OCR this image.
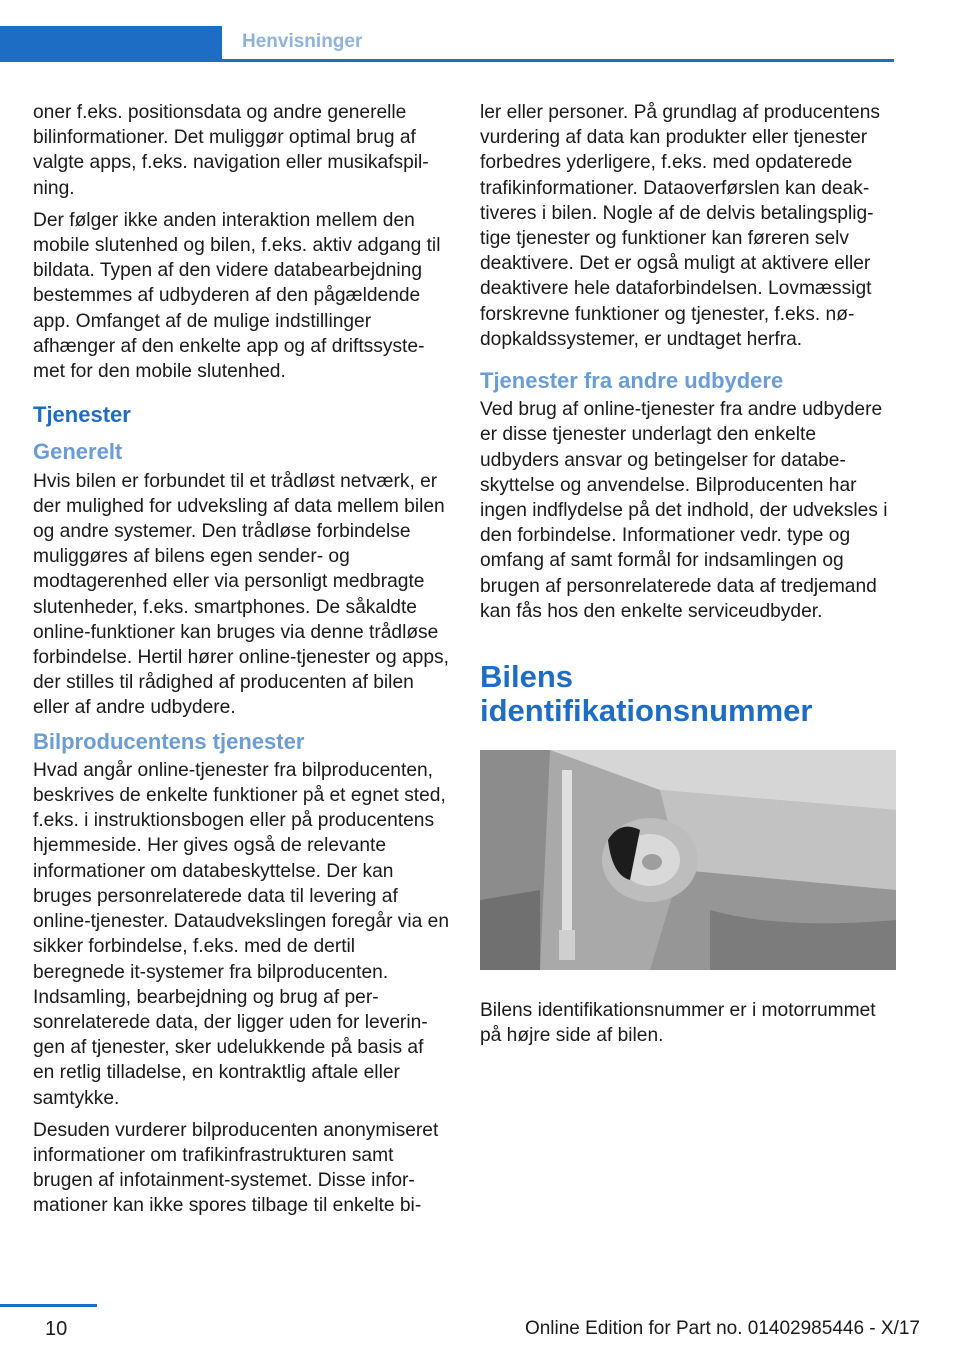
Henvisninger

oner f.eks. positionsdata og andre generelle bilinformationer. Det muliggør optimal brug af valgte apps, f.eks. navigation eller musikafspilning.

Der følger ikke anden interaktion mellem den mobile slutenhed og bilen, f.eks. aktiv adgang til bildata. Typen af den videre databearbejdning bestemmes af udbyderen af den pågældende app. Omfanget af de mulige indstillinger afhænger af den enkelte app og af driftssystemet for den mobile slutenhed.

Tjenester
Generelt

Hvis bilen er forbundet til et trådløst netværk, er der mulighed for udveksling af data mellem bilen og andre systemer. Den trådløse forbindelse muliggøres af bilens egen sender- og modtagerenhed eller via personligt medbragte slutenheder, f.eks. smartphones. De såkaldte online-funktioner kan bruges via denne trådløse forbindelse. Hertil hører online-tjenester og apps, der stilles til rådighed af producenten af bilen eller af andre udbydere.

Bilproducentens tjenester

Hvad angår online-tjenester fra bilproducenten, beskrives de enkelte funktioner på et egnet sted, f.eks. i instruktionsbogen eller på producentens hjemmeside. Her gives også de relevante informationer om databeskyttelse. Der kan bruges personrelaterede data til levering af online-tjenester. Dataudvekslingen foregår via en sikker forbindelse, f.eks. med de dertil beregnede it-systemer fra bilproducenten. Indsamling, bearbejdning og brug af personrelaterede data, der ligger uden for leveringen af tjenester, sker udelukkende på basis af en retlig tilladelse, en kontraktlig aftale eller samtykke.

Desuden vurderer bilproducenten anonymiseret informationer om trafikinfrastrukturen samt brugen af infotainment-systemet. Disse informationer kan ikke spores tilbage til enkelte bi-

ler eller personer. På grundlag af producentens vurdering af data kan produkter eller tjenester forbedres yderligere, f.eks. med opdaterede trafikinformationer. Dataoverførslen kan deaktiveres i bilen. Nogle af de delvis betalingspligtige tjenester og funktioner kan føreren selv deaktivere. Det er også muligt at aktivere eller deaktivere hele dataforbindelsen. Lovmæssigt forskrevne funktioner og tjenester, f.eks. nødopkaldssystemer, er undtaget herfra.

Tjenester fra andre udbydere

Ved brug af online-tjenester fra andre udbydere er disse tjenester underlagt den enkelte udbyders ansvar og betingelser for databeskyttelse og anvendelse. Bilproducenten har ingen indflydelse på det indhold, der udveksles i den forbindelse. Informationer vedr. type og omfang af samt formål for indsamlingen og brugen af personrelaterede data af tredjemand kan fås hos den enkelte serviceudbyder.

Bilens
identifikationsnummer

Bilens identifikationsnummer er i motorrummet på højre side af bilen.

10	Online Edition for Part no. 01402985446 - X/17
